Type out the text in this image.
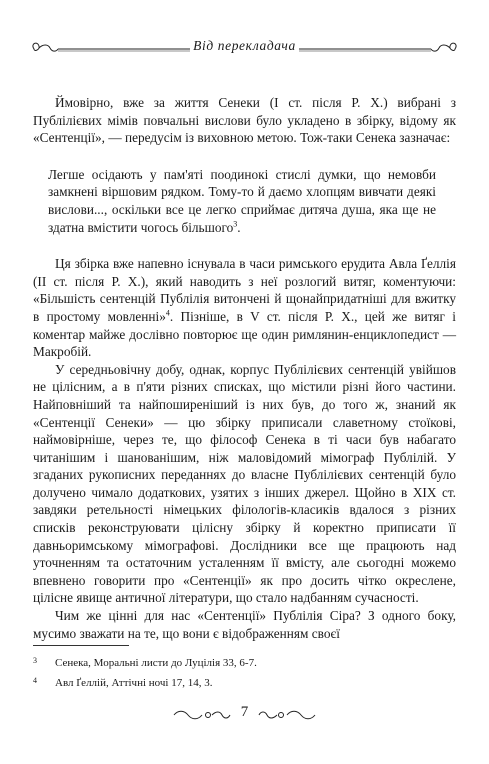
Від перекладача

Ймовірно, вже за життя Сенеки (І ст. після Р. Х.) вибрані з Публілієвих мімів повчальні вислови було укладено в збірку, відому як «Сентенції», — передусім із виховною метою. Тож-таки Сенека зазначає:

Легше осідають у пам'яті поодинокі стислі думки, що немовби замкнені віршовим рядком. Тому-то й даємо хлопцям вивчати деякі вислови..., оскільки все це легко сприймає дитяча душа, яка ще не здатна вмістити чогось більшого$^3$.

Ця збірка вже напевно існувала в часи римського ерудита Авла Ґеллія (ІІ ст. після Р. Х.), який наводить з неї розлогий витяг, коментуючи: «Більшість сентенцій Публілія витончені й щонайпридатніші для вжитку в простому мовленні»$^4$. Пізніше, в V ст. після Р. Х., цей же витяг і коментар майже дослівно повторює ще один римлянин-енциклопедист — Макробій.

У середньовічну добу, однак, корпус Публілієвих сентенцій увійшов не цілісним, а в п'яти різних списках, що містили різні його частини. Найповніший та найпоширеніший із них був, до того ж, знаний як «Сентенції Сенеки» — цю збірку приписали славетному стоїкові, наймовірніше, через те, що філософ Сенека в ті часи був набагато читанішим і шанованішим, ніж маловідомий мімограф Публілій. У згаданих рукописних переданнях до власне Публілієвих сентенцій було долучено чимало додаткових, узятих з інших джерел. Щойно в ХІХ ст. завдяки ретельності німецьких філологів-класиків вдалося з різних списків реконструювати цілісну збірку й коректно приписати її давньоримському мімографові. Дослідники все ще працюють над уточненням та остаточним усталенням її вмісту, але сьогодні можемо впевнено говорити про «Сентенції» як про досить чітко окреслене, цілісне явище античної літератури, що стало надбанням сучасності.

Чим же цінні для нас «Сентенції» Публілія Сіра? З одного боку, мусимо зважати на те, що вони є відображенням своєї

3	Сенека, Моральні листи до Луцілія 33, 6-7.
4	Авл Ґеллій, Аттічні ночі 17, 14, 3.
7
